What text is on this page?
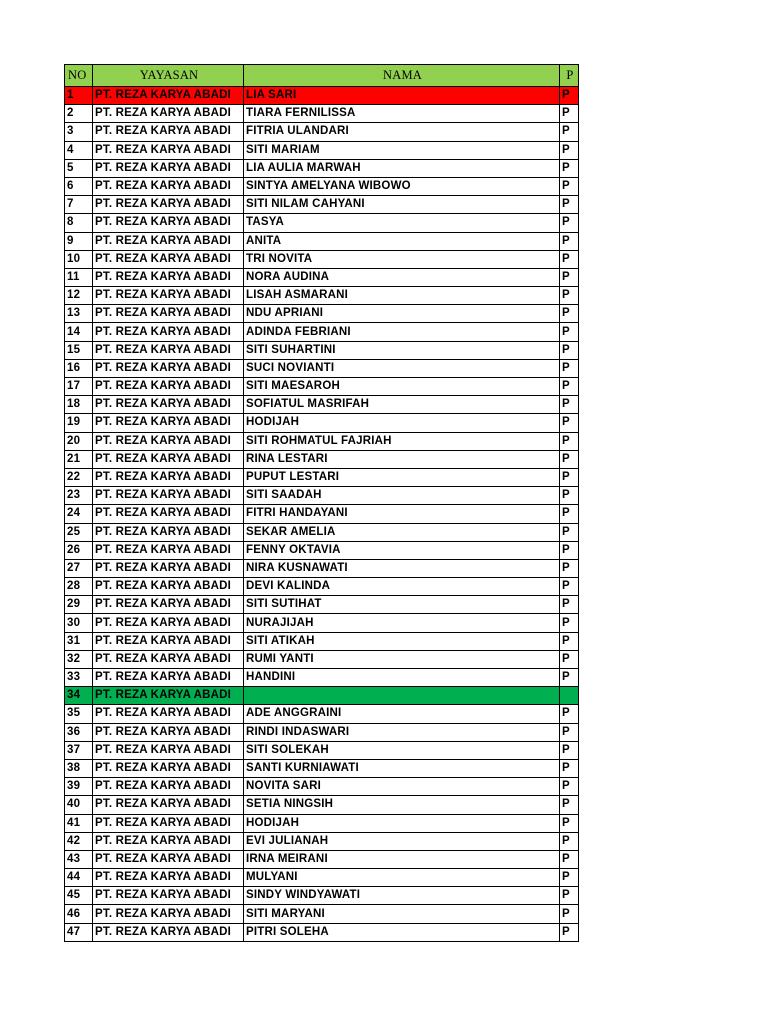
NO	YAYASAN	NAMA	P
1	PT. REZA KARYA ABADI	LIA SARI	P
2	PT. REZA KARYA ABADI	TIARA FERNILISSA	P
3	PT. REZA KARYA ABADI	FITRIA ULANDARI	P
4	PT. REZA KARYA ABADI	SITI MARIAM	P
5	PT. REZA KARYA ABADI	LIA AULIA MARWAH	P
6	PT. REZA KARYA ABADI	SINTYA AMELYANA WIBOWO	P
7	PT. REZA KARYA ABADI	SITI NILAM CAHYANI	P
8	PT. REZA KARYA ABADI	TASYA	P
9	PT. REZA KARYA ABADI	ANITA	P
10	PT. REZA KARYA ABADI	TRI NOVITA	P
11	PT. REZA KARYA ABADI	NORA AUDINA	P
12	PT. REZA KARYA ABADI	LISAH ASMARANI	P
13	PT. REZA KARYA ABADI	NDU APRIANI	P
14	PT. REZA KARYA ABADI	ADINDA FEBRIANI	P
15	PT. REZA KARYA ABADI	SITI SUHARTINI	P
16	PT. REZA KARYA ABADI	SUCI NOVIANTI	P
17	PT. REZA KARYA ABADI	SITI MAESAROH	P
18	PT. REZA KARYA ABADI	SOFIATUL MASRIFAH	P
19	PT. REZA KARYA ABADI	HODIJAH	P
20	PT. REZA KARYA ABADI	SITI ROHMATUL FAJRIAH	P
21	PT. REZA KARYA ABADI	RINA LESTARI	P
22	PT. REZA KARYA ABADI	PUPUT LESTARI	P
23	PT. REZA KARYA ABADI	SITI SAADAH	P
24	PT. REZA KARYA ABADI	FITRI HANDAYANI	P
25	PT. REZA KARYA ABADI	SEKAR AMELIA	P
26	PT. REZA KARYA ABADI	FENNY OKTAVIA	P
27	PT. REZA KARYA ABADI	NIRA KUSNAWATI	P
28	PT. REZA KARYA ABADI	DEVI KALINDA	P
29	PT. REZA KARYA ABADI	SITI SUTIHAT	P
30	PT. REZA KARYA ABADI	NURAJIJAH	P
31	PT. REZA KARYA ABADI	SITI ATIKAH	P
32	PT. REZA KARYA ABADI	RUMI YANTI	P
33	PT. REZA KARYA ABADI	HANDINI	P
34	PT. REZA KARYA ABADI		
35	PT. REZA KARYA ABADI	ADE ANGGRAINI	P
36	PT. REZA KARYA ABADI	RINDI INDASWARI	P
37	PT. REZA KARYA ABADI	SITI SOLEKAH	P
38	PT. REZA KARYA ABADI	SANTI KURNIAWATI	P
39	PT. REZA KARYA ABADI	NOVITA SARI	P
40	PT. REZA KARYA ABADI	SETIA NINGSIH	P
41	PT. REZA KARYA ABADI	HODIJAH	P
42	PT. REZA KARYA ABADI	EVI JULIANAH	P
43	PT. REZA KARYA ABADI	IRNA MEIRANI	P
44	PT. REZA KARYA ABADI	MULYANI	P
45	PT. REZA KARYA ABADI	SINDY WINDYAWATI	P
46	PT. REZA KARYA ABADI	SITI MARYANI	P
47	PT. REZA KARYA ABADI	PITRI SOLEHA	P
